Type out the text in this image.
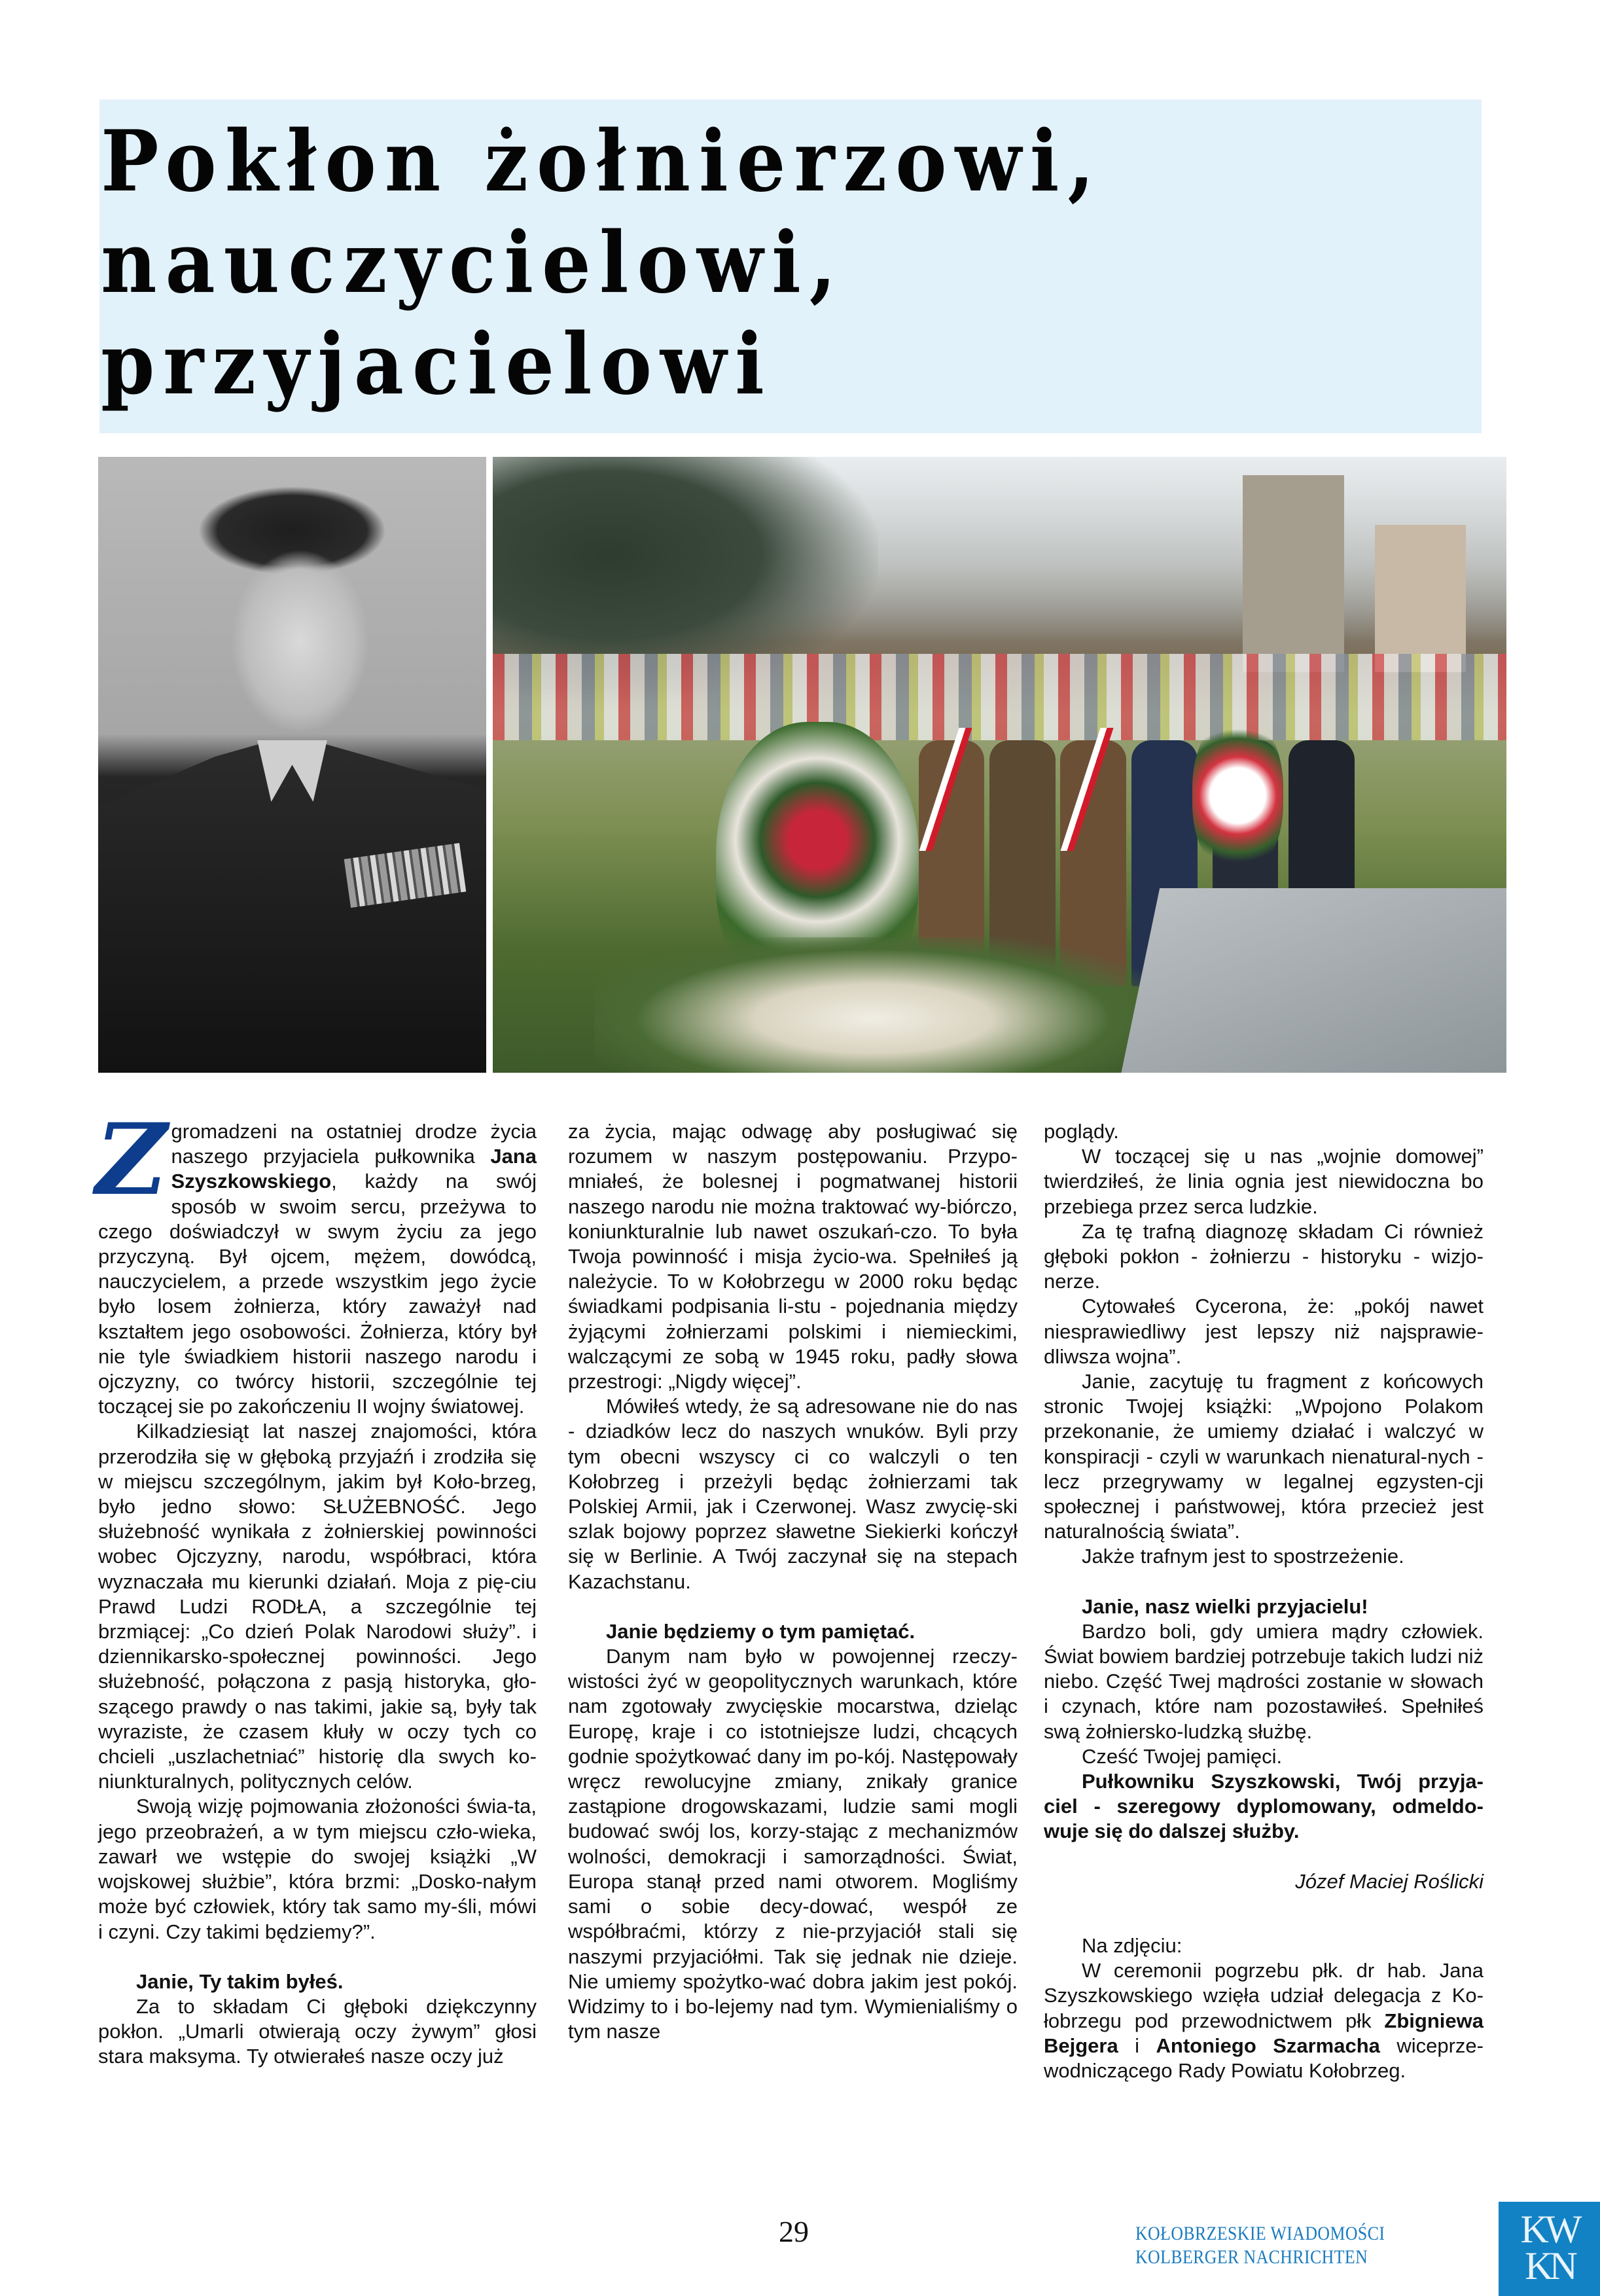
Pokłon żołnierzowi,
nauczycielowi,
przyjacielowi

Zgromadzeni na ostatniej drodze życia naszego przyjaciela pułkownika Jana Szyszkowskiego, każdy na swój sposób w swoim sercu, przeżywa to czego doświadczył w swym życiu za jego przyczyną. Był ojcem, mężem, dowódcą, nauczycielem, a przede wszystkim jego życie było losem żołnierza, który zaważył nad kształtem jego osobowości. Żołnierza, który był nie tyle świadkiem historii naszego narodu i ojczyzny, co twórcy historii, szczególnie tej toczącej sie po zakończeniu II wojny światowej.

Kilkadziesiąt lat naszej znajomości, która przerodziła się w głęboką przyjaźń i zrodziła się w miejscu szczególnym, jakim był Koło-brzeg, było jedno słowo: SŁUŻEBNOŚĆ. Jego służebność wynikała z żołnierskiej powinności wobec Ojczyzny, narodu, współbraci, która wyznaczała mu kierunki działań. Moja z pię-ciu Prawd Ludzi RODŁA, a szczególnie tej brzmiącej: „Co dzień Polak Narodowi służy”. i dziennikarsko-społecznej powinności. Jego służebność, połączona z pasją historyka, gło-szącego prawdy o nas takimi, jakie są, były tak wyraziste, że czasem kłuły w oczy tych co chcieli „uszlachetniać” historię dla swych ko-niunkturalnych, politycznych celów.

Swoją wizję pojmowania złożoności świa-ta, jego przeobrażeń, a w tym miejscu czło-wieka, zawarł we wstępie do swojej książki „W wojskowej służbie”, która brzmi: „Dosko-nałym może być człowiek, który tak samo my-śli, mówi i czyni. Czy takimi będziemy?”.

Janie, Ty takim byłeś.

Za to składam Ci głęboki dziękczynny pokłon. „Umarli otwierają oczy żywym” głosi stara maksyma. Ty otwierałeś nasze oczy już

za życia, mając odwagę aby posługiwać się rozumem w naszym postępowaniu. Przypo-mniałeś, że bolesnej i pogmatwanej historii naszego narodu nie można traktować wy-biórczo, koniunkturalnie lub nawet oszukań-czo. To była Twoja powinność i misja życio-wa. Spełniłeś ją należycie. To w Kołobrzegu w 2000 roku będąc świadkami podpisania li-stu - pojednania między żyjącymi żołnierzami polskimi i niemieckimi, walczącymi ze sobą w 1945 roku, padły słowa przestrogi: „Nigdy więcej”.

Mówiłeś wtedy, że są adresowane nie do nas - dziadków lecz do naszych wnuków. Byli przy tym obecni wszyscy ci co walczyli o ten Kołobrzeg i przeżyli będąc żołnierzami tak Polskiej Armii, jak i Czerwonej. Wasz zwycię-ski szlak bojowy poprzez sławetne Siekierki kończył się w Berlinie. A Twój zaczynał się na stepach Kazachstanu.

Janie będziemy o tym pamiętać.

Danym nam było w powojennej rzeczy-wistości żyć w geopolitycznych warunkach, które nam zgotowały zwycięskie mocarstwa, dzieląc Europę, kraje i co istotniejsze ludzi, chcących godnie spożytkować dany im po-kój. Następowały wręcz rewolucyjne zmiany, znikały granice zastąpione drogowskazami, ludzie sami mogli budować swój los, korzy-stając z mechanizmów wolności, demokracji i samorządności. Świat, Europa stanął przed nami otworem. Mogliśmy sami o sobie decy-dować, wespół ze współbraćmi, którzy z nie-przyjaciół stali się naszymi przyjaciółmi. Tak się jednak nie dzieje. Nie umiemy spożytko-wać dobra jakim jest pokój. Widzimy to i bo-lejemy nad tym. Wymienialiśmy o tym nasze

poglądy.

W toczącej się u nas „wojnie domowej” twierdziłeś, że linia ognia jest niewidoczna bo przebiega przez serca ludzkie.

Za tę trafną diagnozę składam Ci również głęboki pokłon - żołnierzu - historyku - wizjo-nerze.

Cytowałeś Cycerona, że: „pokój nawet niesprawiedliwy jest lepszy niż najsprawie-dliwsza wojna”.

Janie, zacytuję tu fragment z końcowych stronic Twojej książki: „Wpojono Polakom przekonanie, że umiemy działać i walczyć w konspiracji - czyli w warunkach nienatural-nych - lecz przegrywamy w legalnej egzysten-cji społecznej i państwowej, która przecież jest naturalnością świata”.

Jakże trafnym jest to spostrzeżenie.

Janie, nasz wielki przyjacielu!

Bardzo boli, gdy umiera mądry człowiek. Świat bowiem bardziej potrzebuje takich ludzi niż niebo. Część Twej mądrości zostanie w słowach i czynach, które nam pozostawiłeś. Spełniłeś swą żołniersko-ludzką służbę.

Cześć Twojej pamięci.

Pułkowniku Szyszkowski, Twój przyja-ciel - szeregowy dyplomowany, odmeldo-wuje się do dalszej służby.

Józef Maciej Roślicki

Na zdjęciu:

W ceremonii pogrzebu płk. dr hab. Jana Szyszkowskiego wzięła udział delegacja z Ko-łobrzegu pod przewodnictwem płk Zbigniewa Bejgera i Antoniego Szarmacha wiceprze-wodniczącego Rady Powiatu Kołobrzeg.

29	KOŁOBRZESKIE WIADOMOŚCI
KOLBERGER NACHRICHTEN
KW
KN
